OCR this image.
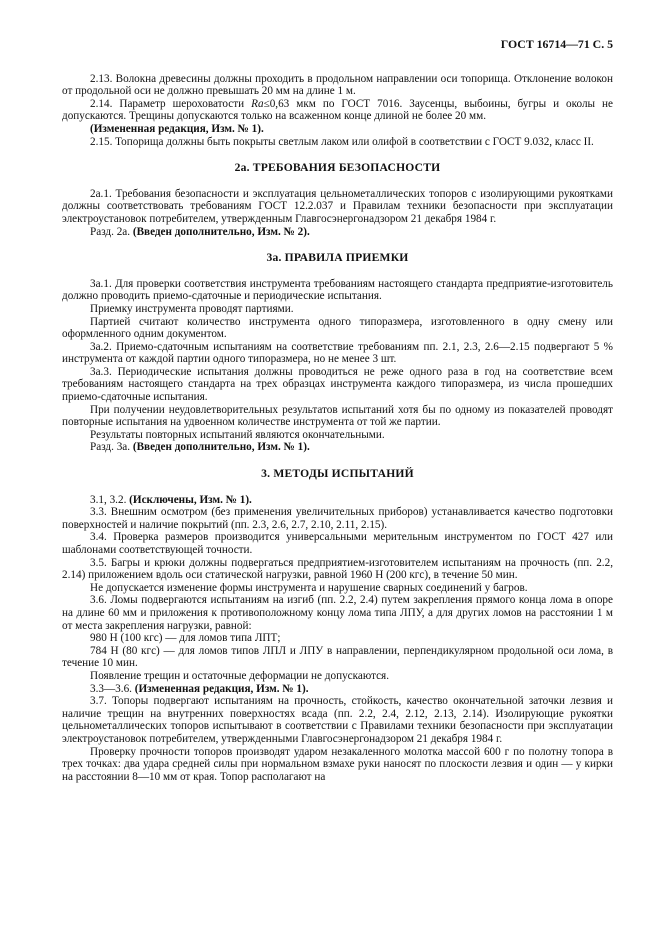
ГОСТ 16714—71 С. 5

2.13. Волокна древесины должны проходить в продольном направлении оси топорища. Отклонение волокон от продольной оси не должно превышать 20 мм на длине 1 м.

2.14. Параметр шероховатости Ra≤0,63 мкм по ГОСТ 7016. Заусенцы, выбоины, бугры и околы не допускаются. Трещины допускаются только на всаженном конце длиной не более 20 мм.

(Измененная редакция, Изм. № 1).

2.15. Топорища должны быть покрыты светлым лаком или олифой в соответствии с ГОСТ 9.032, класс II.

2а. ТРЕБОВАНИЯ БЕЗОПАСНОСТИ

2а.1. Требования безопасности и эксплуатация цельнометаллических топоров с изолирующими рукоятками должны соответствовать требованиям ГОСТ 12.2.037 и Правилам техники безопасности при эксплуатации электроустановок потребителем, утвержденным Главгосэнергонадзором 21 декабря 1984 г.

Разд. 2а. (Введен дополнительно, Изм. № 2).

3а. ПРАВИЛА ПРИЕМКИ

3а.1. Для проверки соответствия инструмента требованиям настоящего стандарта предприятие-изготовитель должно проводить приемо-сдаточные и периодические испытания.

Приемку инструмента проводят партиями.

Партией считают количество инструмента одного типоразмера, изготовленного в одну смену или оформленного одним документом.

3а.2. Приемо-сдаточным испытаниям на соответствие требованиям пп. 2.1, 2.3, 2.6—2.15 подвергают 5 % инструмента от каждой партии одного типоразмера, но не менее 3 шт.

3а.3. Периодические испытания должны проводиться не реже одного раза в год на соответствие всем требованиям настоящего стандарта на трех образцах инструмента каждого типоразмера, из числа прошедших приемо-сдаточные испытания.

При получении неудовлетворительных результатов испытаний хотя бы по одному из показателей проводят повторные испытания на удвоенном количестве инструмента от той же партии.

Результаты повторных испытаний являются окончательными.

Разд. 3а. (Введен дополнительно, Изм. № 1).

3. МЕТОДЫ ИСПЫТАНИЙ

3.1, 3.2. (Исключены, Изм. № 1).

3.3. Внешним осмотром (без применения увеличительных приборов) устанавливается качество подготовки поверхностей и наличие покрытий (пп. 2.3, 2.6, 2.7, 2.10, 2.11, 2.15).

3.4. Проверка размеров производится универсальными мерительным инструментом по ГОСТ 427 или шаблонами соответствующей точности.

3.5. Багры и крюки должны подвергаться предприятием-изготовителем испытаниям на прочность (пп. 2.2, 2.14) приложением вдоль оси статической нагрузки, равной 1960 Н (200 кгс), в течение 50 мин.

Не допускается изменение формы инструмента и нарушение сварных соединений у багров.

3.6. Ломы подвергаются испытаниям на изгиб (пп. 2.2, 2.4) путем закрепления прямого конца лома в опоре на длине 60 мм и приложения к противоположному концу лома типа ЛПУ, а для других ломов на расстоянии 1 м от места закрепления нагрузки, равной:

980 Н (100 кгс) — для ломов типа ЛПТ;

784 Н (80 кгс) — для ломов типов ЛПЛ и ЛПУ в направлении, перпендикулярном продольной оси лома, в течение 10 мин.

Появление трещин и остаточные деформации не допускаются.

3.3—3.6. (Измененная редакция, Изм. № 1).

3.7. Топоры подвергают испытаниям на прочность, стойкость, качество окончательной заточки лезвия и наличие трещин на внутренних поверхностях всада (пп. 2.2, 2.4, 2.12, 2.13, 2.14). Изолирующие рукоятки цельнометаллических топоров испытывают в соответствии с Правилами техники безопасности при эксплуатации электроустановок потребителем, утвержденными Главгосэнергонадзором 21 декабря 1984 г.

Проверку прочности топоров производят ударом незакаленного молотка массой 600 г по полотну топора в трех точках: два удара средней силы при нормальном взмахе руки наносят по плоскости лезвия и один — у кирки на расстоянии 8—10 мм от края. Топор располагают на
